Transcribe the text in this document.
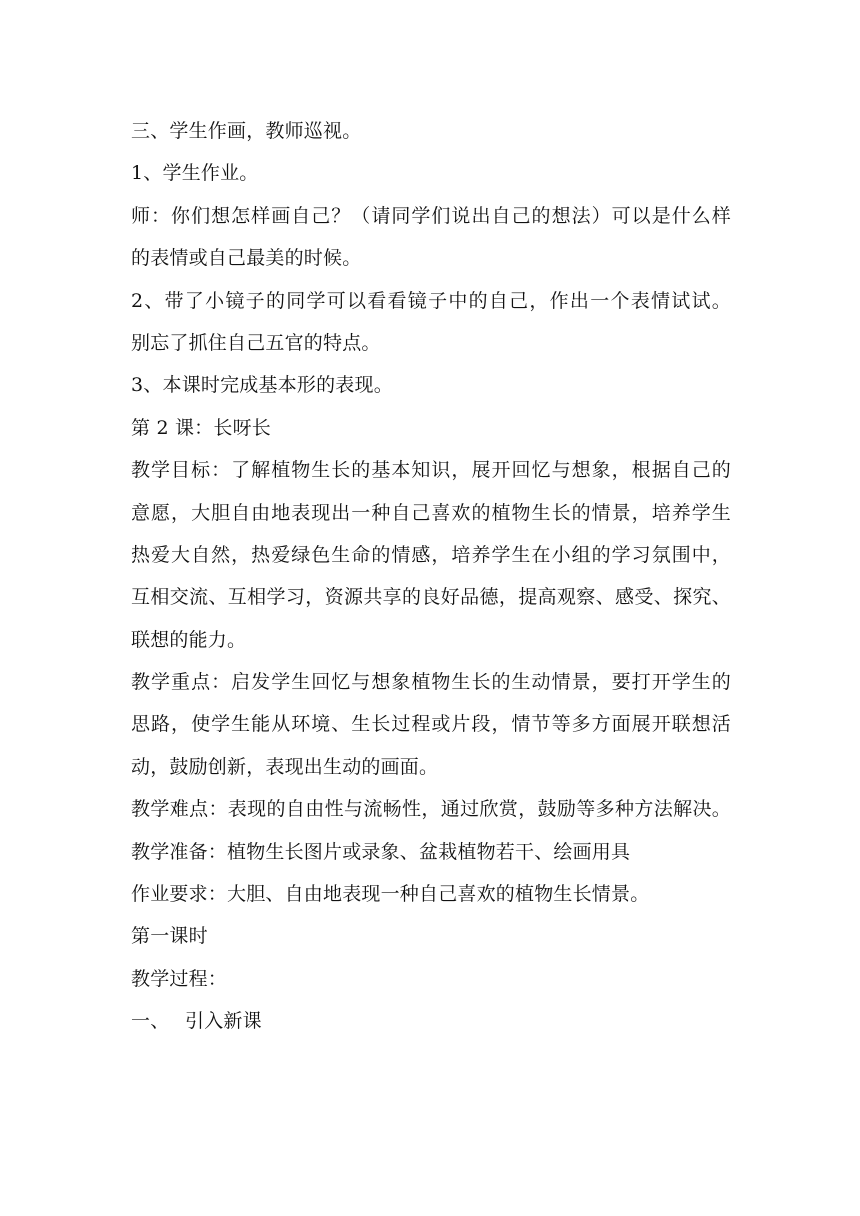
三、学生作画，教师巡视。

1、学生作业。

师：你们想怎样画自己？（请同学们说出自己的想法）可以是什么样

的表情或自己最美的时候。

2、带了小镜子的同学可以看看镜子中的自己，作出一个表情试试。

别忘了抓住自己五官的特点。

3、本课时完成基本形的表现。

第 2 课：长呀长

教学目标：了解植物生长的基本知识，展开回忆与想象，根据自己的

意愿，大胆自由地表现出一种自己喜欢的植物生长的情景，培养学生

热爱大自然，热爱绿色生命的情感，培养学生在小组的学习氛围中，

互相交流、互相学习，资源共享的良好品德，提高观察、感受、探究、

联想的能力。

教学重点：启发学生回忆与想象植物生长的生动情景，要打开学生的

思路，使学生能从环境、生长过程或片段，情节等多方面展开联想活

动，鼓励创新，表现出生动的画面。

教学难点：表现的自由性与流畅性，通过欣赏，鼓励等多种方法解决。

教学准备：植物生长图片或录象、盆栽植物若干、绘画用具

作业要求：大胆、自由地表现一种自己喜欢的植物生长情景。

第一课时

教学过程：

一、 引入新课
